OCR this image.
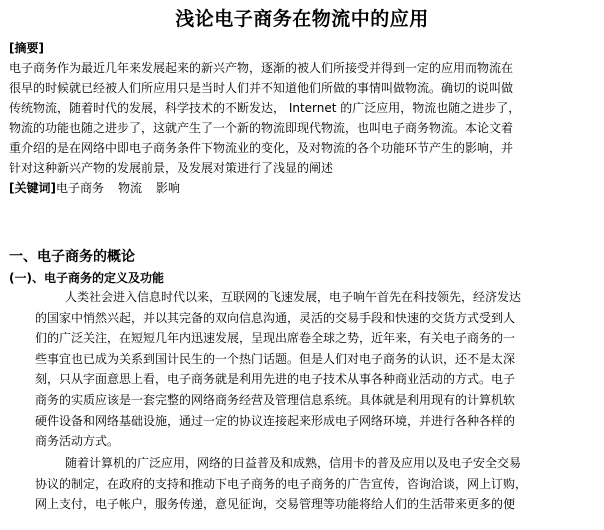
浅论电子商务在物流中的应用
[摘要]
电子商务作为最近几年来发展起来的新兴产物，逐渐的被人们所接受并得到一定的应用而物流在
很早的时候就已经被人们所应用只是当时人们并不知道他们所做的事情叫做物流。确切的说叫做
传统物流，随着时代的发展，科学技术的不断发达， Internet 的广泛应用，物流也随之进步了，
物流的功能也随之进步了，这就产生了一个新的物流即现代物流，也叫电子商务物流。本论文着
重介绍的是在网络中即电子商务条件下物流业的变化，及对物流的各个功能环节产生的影响，并
针对这种新兴产物的发展前景，及发展对策进行了浅显的阐述
[关键词]电子商务 物流 影响
一、电子商务的概论
(一)、电子商务的定义及功能
人类社会进入信息时代以来，互联网的飞速发展，电子响午首先在科技领先，经济发达
的国家中悄然兴起，并以其完备的双向信息沟通，灵活的交易手段和快速的交货方式受到人
们的广泛关注，在短短几年内迅速发展，呈现出席卷全球之势，近年来，有关电子商务的一
些事宜也已成为关系到国计民生的一个热门话题。但是人们对电子商务的认识，还不是太深
刻，只从字面意思上看，电子商务就是利用先进的电子技术从事各种商业活动的方式。电子
商务的实质应该是一套完整的网络商务经营及管理信息系统。具体就是利用现有的计算机软
硬件设备和网络基础设施，通过一定的协议连接起来形成电子网络环境，并进行各种各样的
商务活动方式。
随着计算机的广泛应用，网络的日益普及和成熟，信用卡的普及应用以及电子安全交易
协议的制定，在政府的支持和推动下电子商务的电子商务的广告宣传，咨询洽谈，网上订购，
网上支付，电子帐户，服务传递，意见征询，交易管理等功能将给人们的生活带来更多的便
